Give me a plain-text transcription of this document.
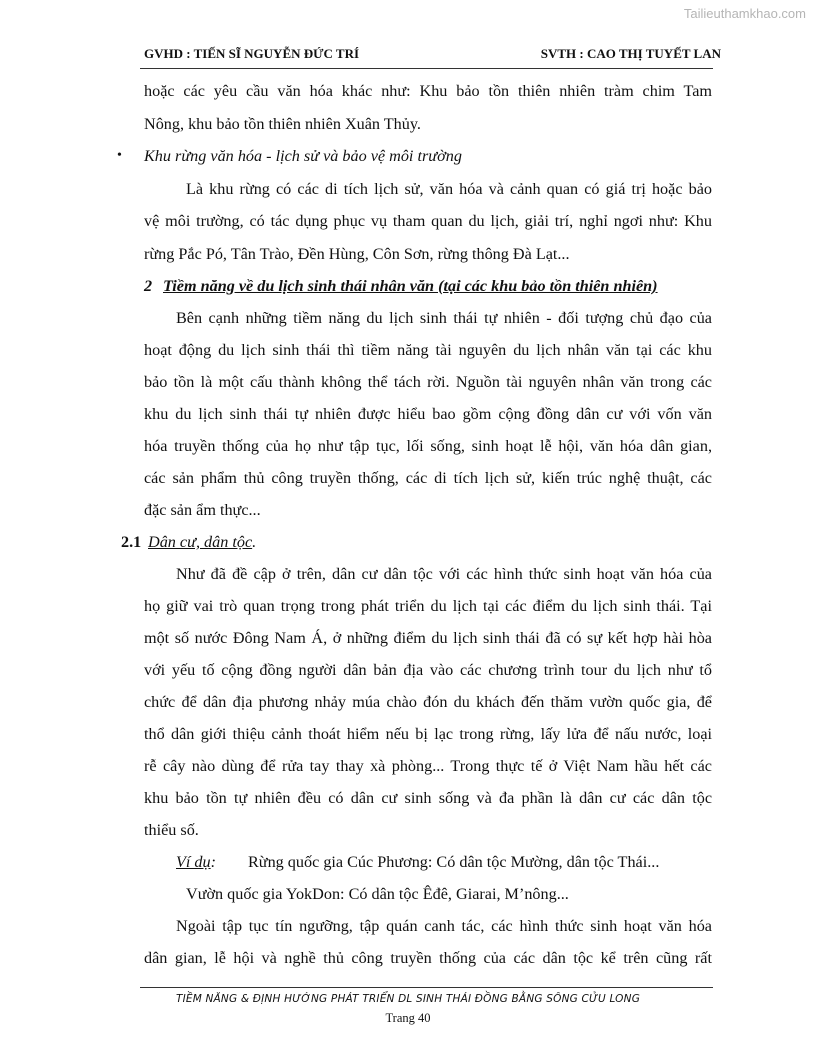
Tailieuthamkhao.com
GVHD : TIẾN SĨ NGUYỄN ĐỨC TRÍ	SVTH : CAO THỊ TUYẾT LAN
hoặc các yêu cầu văn hóa khác như: Khu bảo tồn thiên nhiên tràm chim Tam
Nông, khu bảo tồn thiên nhiên Xuân Thủy.
• Khu rừng văn hóa - lịch sử và bảo vệ môi trường
Là khu rừng có các di tích lịch sử, văn hóa và cảnh quan có giá trị hoặc bảo
vệ môi trường, có tác dụng phục vụ tham quan du lịch, giải trí, nghỉ ngơi như: Khu
rừng Pắc Pó, Tân Trào, Đền Hùng, Côn Sơn, rừng thông Đà Lạt...
2 Tiềm năng về du lịch sinh thái nhân văn (tại các khu bảo tồn thiên nhiên)
Bên cạnh những tiềm năng du lịch sinh thái tự nhiên - đối tượng chủ đạo của
hoạt động du lịch sinh thái thì tiềm năng tài nguyên du lịch nhân văn tại các khu
bảo tồn là một cấu thành không thể tách rời. Nguồn tài nguyên nhân văn trong các
khu du lịch sinh thái tự nhiên được hiểu bao gồm cộng đồng dân cư với vốn văn
hóa truyền thống của họ như tập tục, lối sống, sinh hoạt lễ hội, văn hóa dân gian,
các sản phẩm thủ công truyền thống, các di tích lịch sử, kiến trúc nghệ thuật, các
đặc sản ẩm thực...
2.1 Dân cư, dân tộc.
Như đã đề cập ở trên, dân cư dân tộc với các hình thức sinh hoạt văn hóa của
họ giữ vai trò quan trọng trong phát triển du lịch tại các điểm du lịch sinh thái. Tại
một số nước Đông Nam Á, ở những điểm du lịch sinh thái đã có sự kết hợp hài hòa
với yếu tố cộng đồng người dân bản địa vào các chương trình tour du lịch như tổ
chức để dân địa phương nhảy múa chào đón du khách đến thăm vườn quốc gia, để
thổ dân giới thiệu cảnh thoát hiểm nếu bị lạc trong rừng, lấy lửa để nấu nước, loại
rễ cây nào dùng để rửa tay thay xà phòng... Trong thực tế ở Việt Nam hầu hết các
khu bảo tồn tự nhiên đều có dân cư sinh sống và đa phần là dân cư các dân tộc
thiểu số.
Ví dụ: Rừng quốc gia Cúc Phương: Có dân tộc Mường, dân tộc Thái...
Vườn quốc gia YokDon: Có dân tộc Êđê, Giarai, M’nông...
Ngoài tập tục tín ngưỡng, tập quán canh tác, các hình thức sinh hoạt văn hóa
dân gian, lễ hội và nghề thủ công truyền thống của các dân tộc kể trên cũng rất
TIỀM NĂNG & ĐỊNH HƯỚNG PHÁT TRIỂN DL SINH THÁI ĐỒNG BẰNG SÔNG CỬU LONG
Trang 40
